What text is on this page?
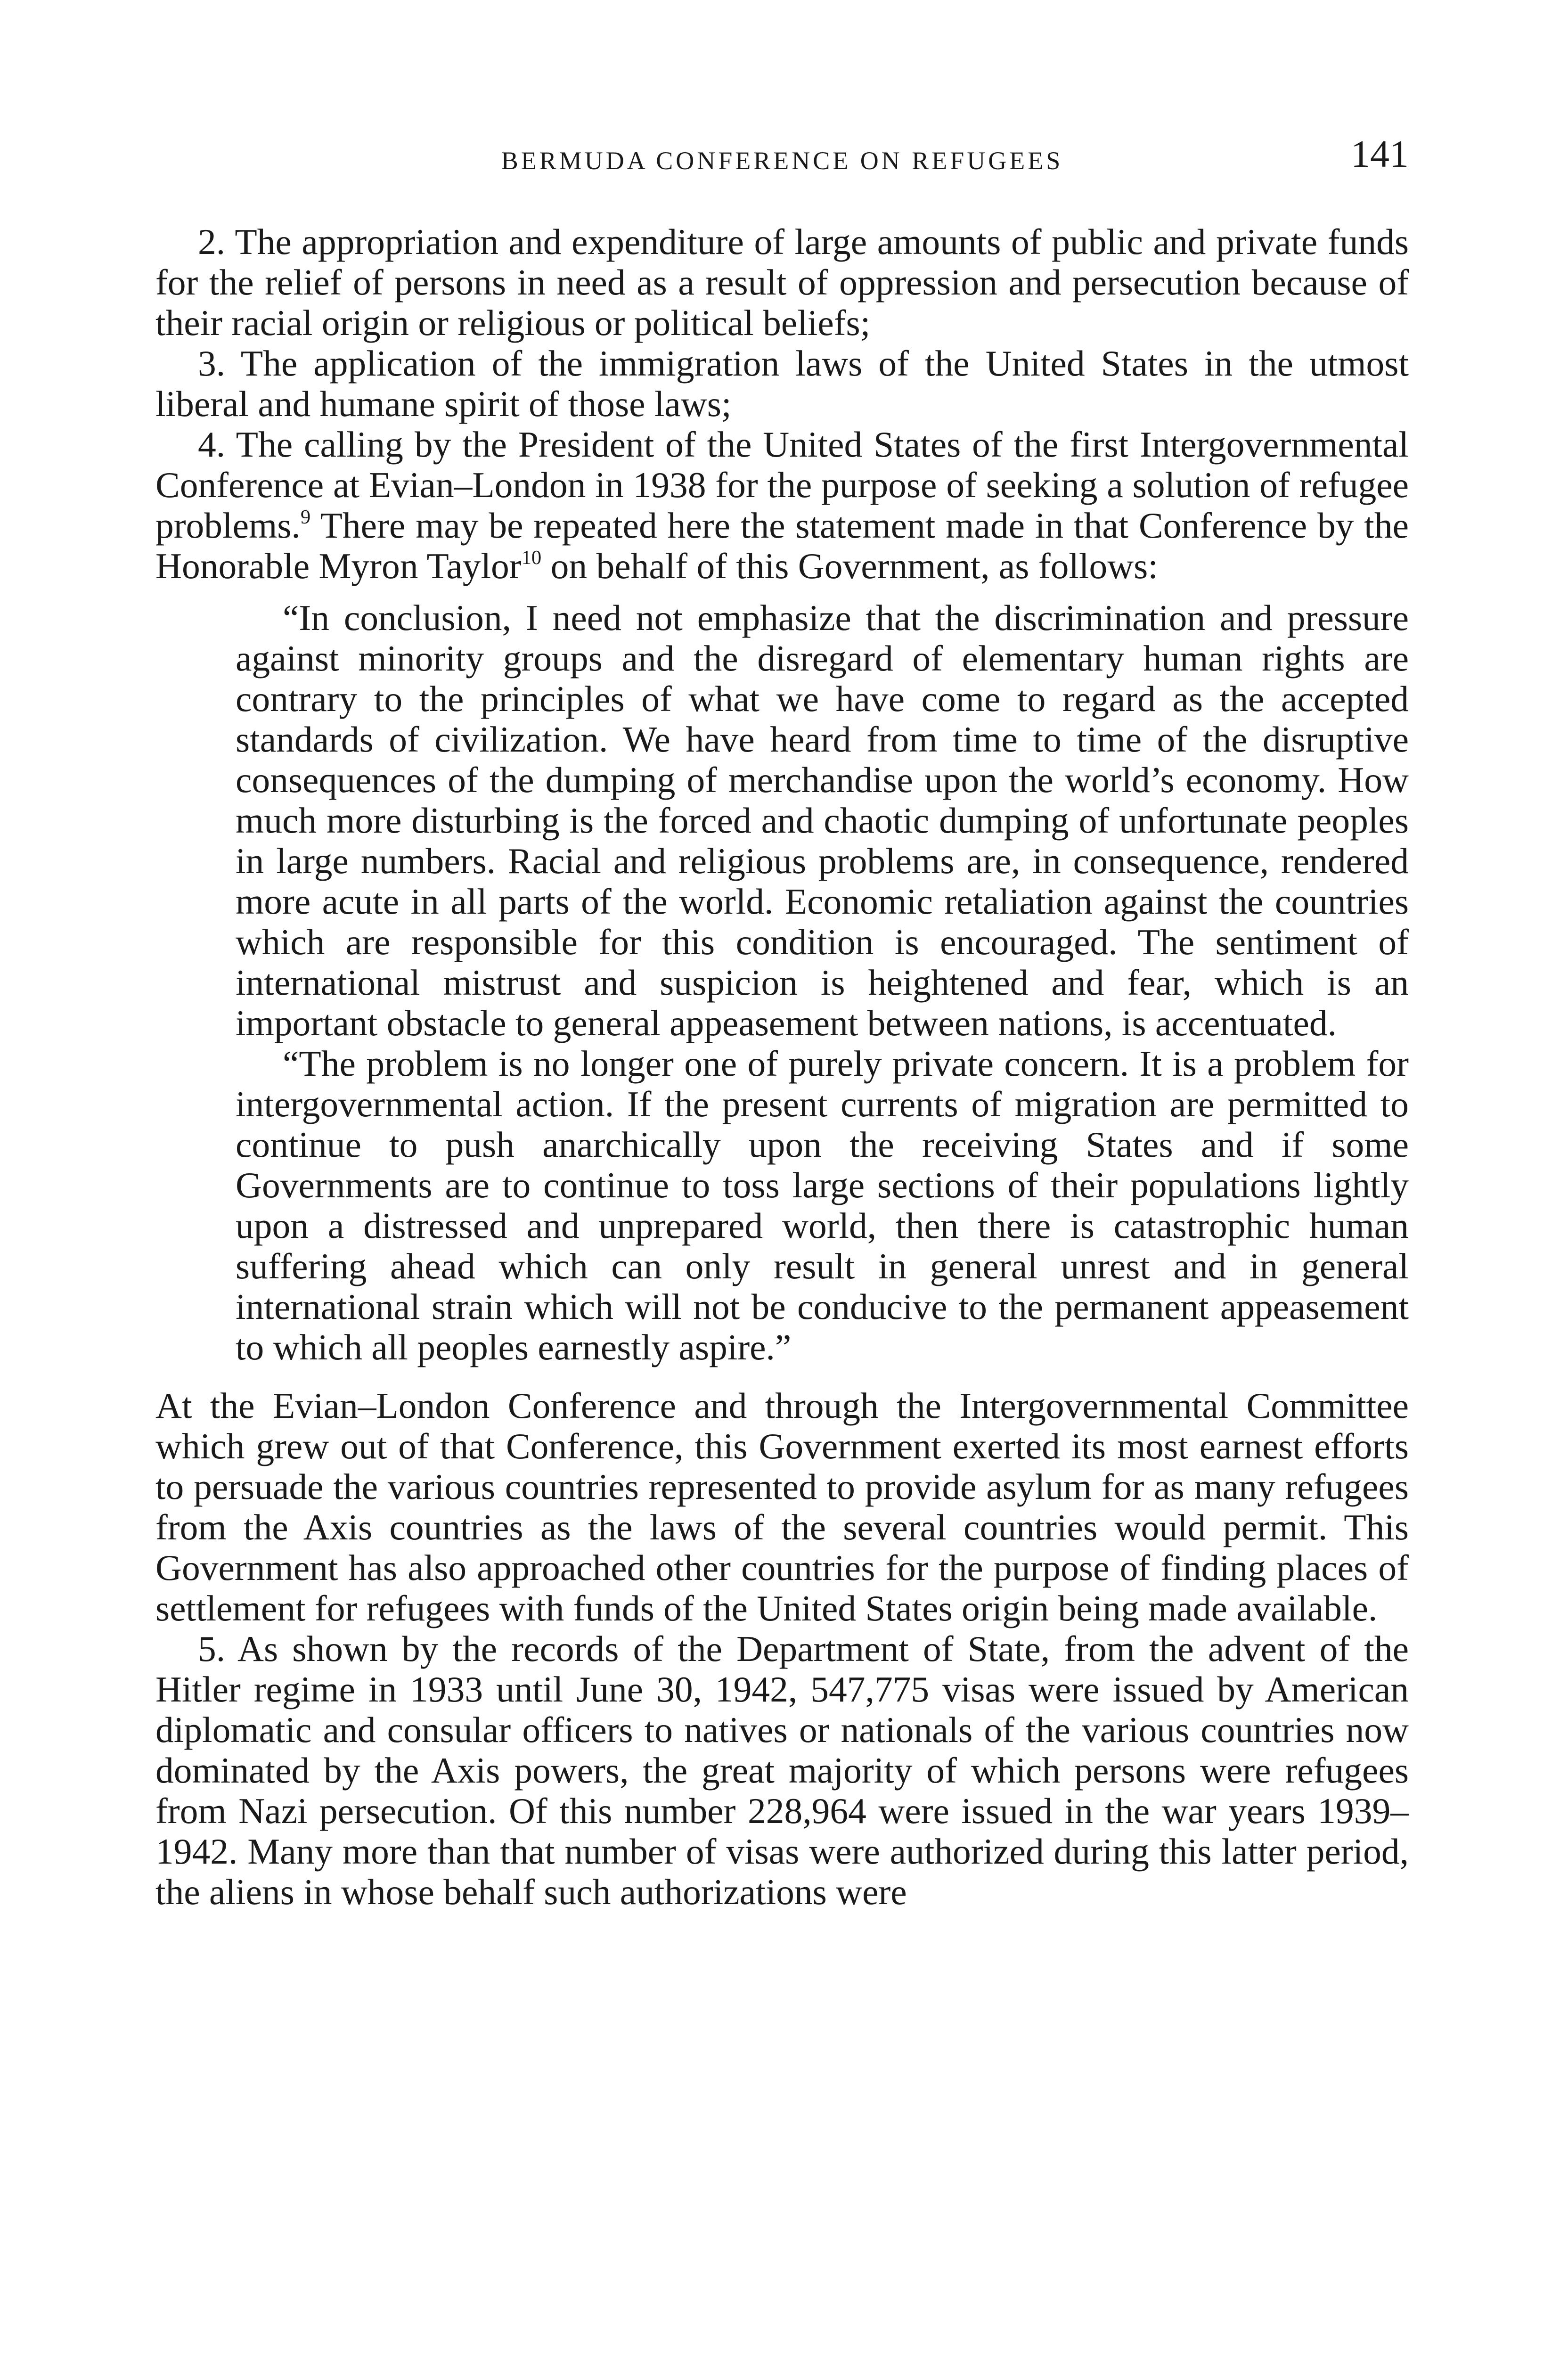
BERMUDA CONFERENCE ON REFUGEES	141

2. The appropriation and expenditure of large amounts of public and private funds for the relief of persons in need as a result of oppression and persecution because of their racial origin or religious or political beliefs;

3. The application of the immigration laws of the United States in the utmost liberal and humane spirit of those laws;

4. The calling by the President of the United States of the first Intergovernmental Conference at Evian–London in 1938 for the purpose of seeking a solution of refugee problems.$^9$ There may be repeated here the statement made in that Conference by the Honorable Myron Taylor$^{10}$ on behalf of this Government, as follows:

“In conclusion, I need not emphasize that the discrimination and pressure against minority groups and the disregard of elementary human rights are contrary to the principles of what we have come to regard as the accepted standards of civilization. We have heard from time to time of the disruptive consequences of the dumping of merchandise upon the world’s economy. How much more disturbing is the forced and chaotic dumping of unfortunate peoples in large numbers. Racial and religious problems are, in consequence, rendered more acute in all parts of the world. Economic retaliation against the countries which are responsible for this condition is encouraged. The sentiment of international mistrust and suspicion is heightened and fear, which is an important obstacle to general appeasement between nations, is accentuated.

“The problem is no longer one of purely private concern. It is a problem for intergovernmental action. If the present currents of migration are permitted to continue to push anarchically upon the receiving States and if some Governments are to continue to toss large sections of their populations lightly upon a distressed and unprepared world, then there is catastrophic human suffering ahead which can only result in general unrest and in general international strain which will not be conducive to the permanent appeasement to which all peoples earnestly aspire.”

At the Evian–London Conference and through the Intergovernmental Committee which grew out of that Conference, this Government exerted its most earnest efforts to persuade the various countries represented to provide asylum for as many refugees from the Axis countries as the laws of the several countries would permit. This Government has also approached other countries for the purpose of finding places of settlement for refugees with funds of the United States origin being made available.

5. As shown by the records of the Department of State, from the advent of the Hitler regime in 1933 until June 30, 1942, 547,775 visas were issued by American diplomatic and consular officers to natives or nationals of the various countries now dominated by the Axis powers, the great majority of which persons were refugees from Nazi persecution. Of this number 228,964 were issued in the war years 1939–1942. Many more than that number of visas were authorized during this latter period, the aliens in whose behalf such authorizations were
